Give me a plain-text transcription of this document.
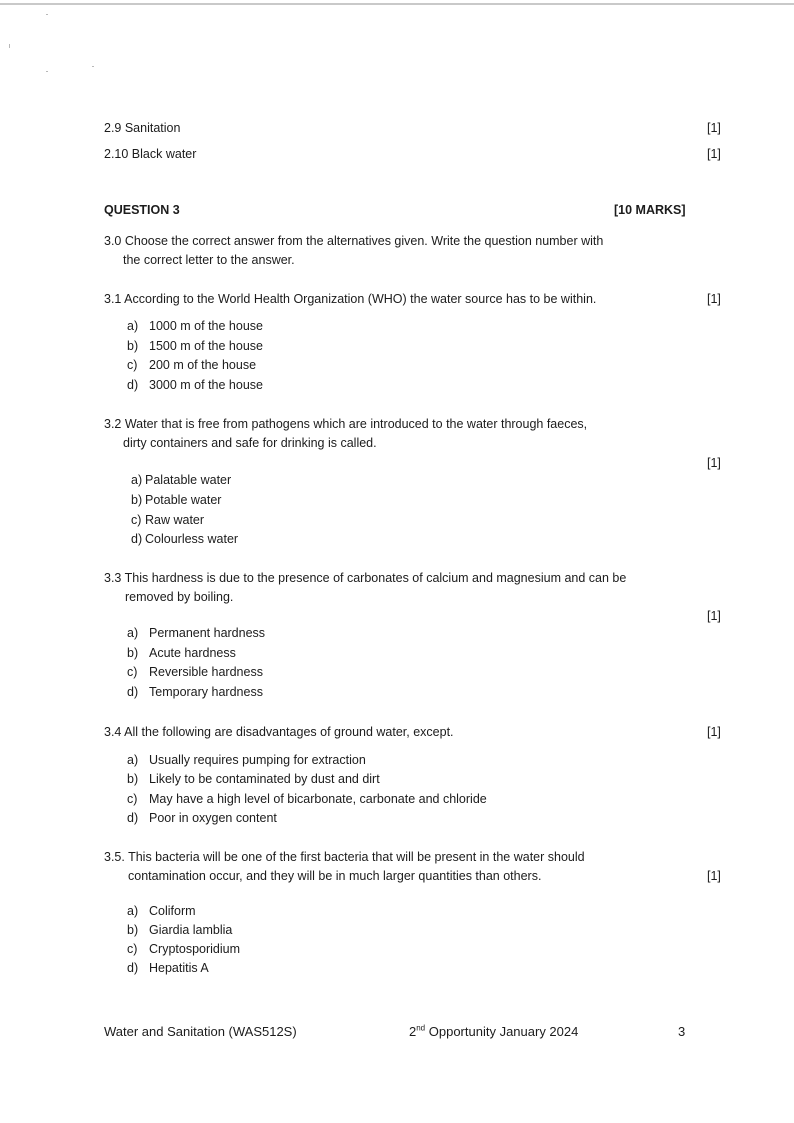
2.9 Sanitation	[1]
2.10 Black water	[1]
QUESTION 3	[10 MARKS]
3.0 Choose the correct answer from the alternatives given. Write the question number with
the correct letter to the answer.
3.1 According to the World Health Organization (WHO) the water source has to be within.	[1]
a) 1000 m of the house
b) 1500 m of the house
c) 200 m of the house
d) 3000 m of the house
3.2 Water that is free from pathogens which are introduced to the water through faeces,
dirty containers and safe for drinking is called.
[1]
a) Palatable water
b) Potable water
c) Raw water
d) Colourless water
3.3 This hardness is due to the presence of carbonates of calcium and magnesium and can be
removed by boiling.
[1]
a) Permanent hardness
b) Acute hardness
c) Reversible hardness
d) Temporary hardness
3.4 All the following are disadvantages of ground water, except.	[1]
a) Usually requires pumping for extraction
b) Likely to be contaminated by dust and dirt
c) May have a high level of bicarbonate, carbonate and chloride
d) Poor in oxygen content
3.5. This bacteria will be one of the first bacteria that will be present in the water should
contamination occur, and they will be in much larger quantities than others.	[1]
a) Coliform
b) Giardia lamblia
c) Cryptosporidium
d) Hepatitis A
Water and Sanitation (WAS512S)	2nd Opportunity January 2024	3
